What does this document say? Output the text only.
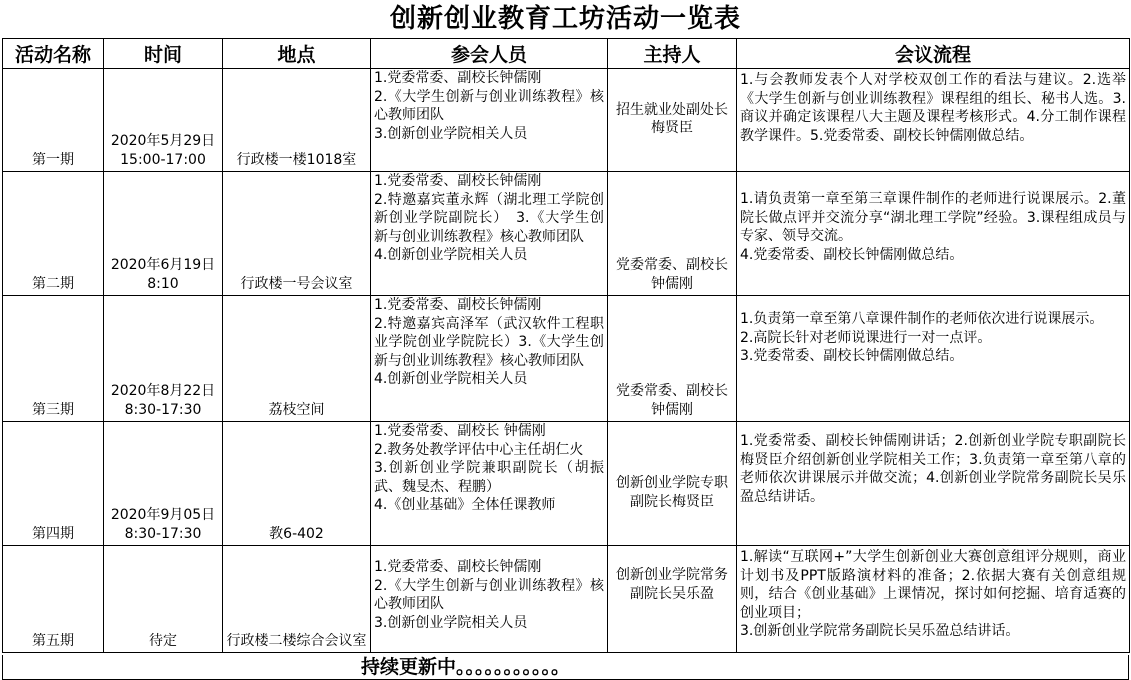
创新创业教育工坊活动一览表
活动名称	时间	地点	参会人员	主持人	会议流程
第一期	2020年5月29日15:00-17:00	行政楼一楼1018室	1.党委常委、副校长钟儒刚
2.《大学生创新与创业训练教程》核心教师团队
3.创新创业学院相关人员	招生就业处副处长 梅贤臣	1.与会教师发表个人对学校双创工作的看法与建议。2.选举《大学生创新与创业训练教程》课程组的组长、秘书人选。3.商议并确定该课程八大主题及课程考核形式。4.分工制作课程教学课件。5.党委常委、副校长钟儒刚做总结。

第二期	2020年6月19日8:10	行政楼一号会议室	1.党委常委、副校长钟儒刚
2.特邀嘉宾董永辉（湖北理工学院创新创业学院副院长）　3.《大学生创新与创业训练教程》核心教师团队
4.创新创业学院相关人员	党委常委、副校长钟儒刚	1.请负责第一章至第三章课件制作的老师进行说课展示。2.董院长做点评并交流分享“湖北理工学院”经验。3.课程组成员与专家、领导交流。
4.党委常委、副校长钟儒刚做总结。

第三期	2020年8月22日8:30-17:30	荔枝空间	1.党委常委、副校长钟儒刚
2.特邀嘉宾高泽军（武汉软件工程职业学院创业学院院长）3.《大学生创新与创业训练教程》核心教师团队
4.创新创业学院相关人员	党委常委、副校长钟儒刚	1.负责第一章至第八章课件制作的老师依次进行说课展示。
2.高院长针对老师说课进行一对一点评。
3.党委常委、副校长钟儒刚做总结。

第四期	2020年9月05日8:30-17:30	教6-402	1.党委常委、副校长 钟儒刚
2.教务处教学评估中心主任胡仁火
3.创新创业学院兼职副院长（胡振武、魏旻杰、程鹏）
4.《创业基础》全体任课教师	创新创业学院专职副院长梅贤臣	1.党委常委、副校长钟儒刚讲话；2.创新创业学院专职副院长梅贤臣介绍创新创业学院相关工作；3.负责第一章至第八章的老师依次讲课展示并做交流；4.创新创业学院常务副院长吴乐盈总结讲话。

第五期	待定	行政楼二楼综合会议室	1.党委常委、副校长钟儒刚
2.《大学生创新与创业训练教程》核心教师团队
3.创新创业学院相关人员	创新创业学院常务副院长吴乐盈	1.解读“互联网+”大学生创新创业大赛创意组评分规则，商业计划书及PPT版路演材料的准备；2.依据大赛有关创意组规则，结合《创业基础》上课情况，探讨如何挖掘、培育适赛的创业项目；
3.创新创业学院常务副院长吴乐盈总结讲话。
持续更新中。。。。。。。。。。。
